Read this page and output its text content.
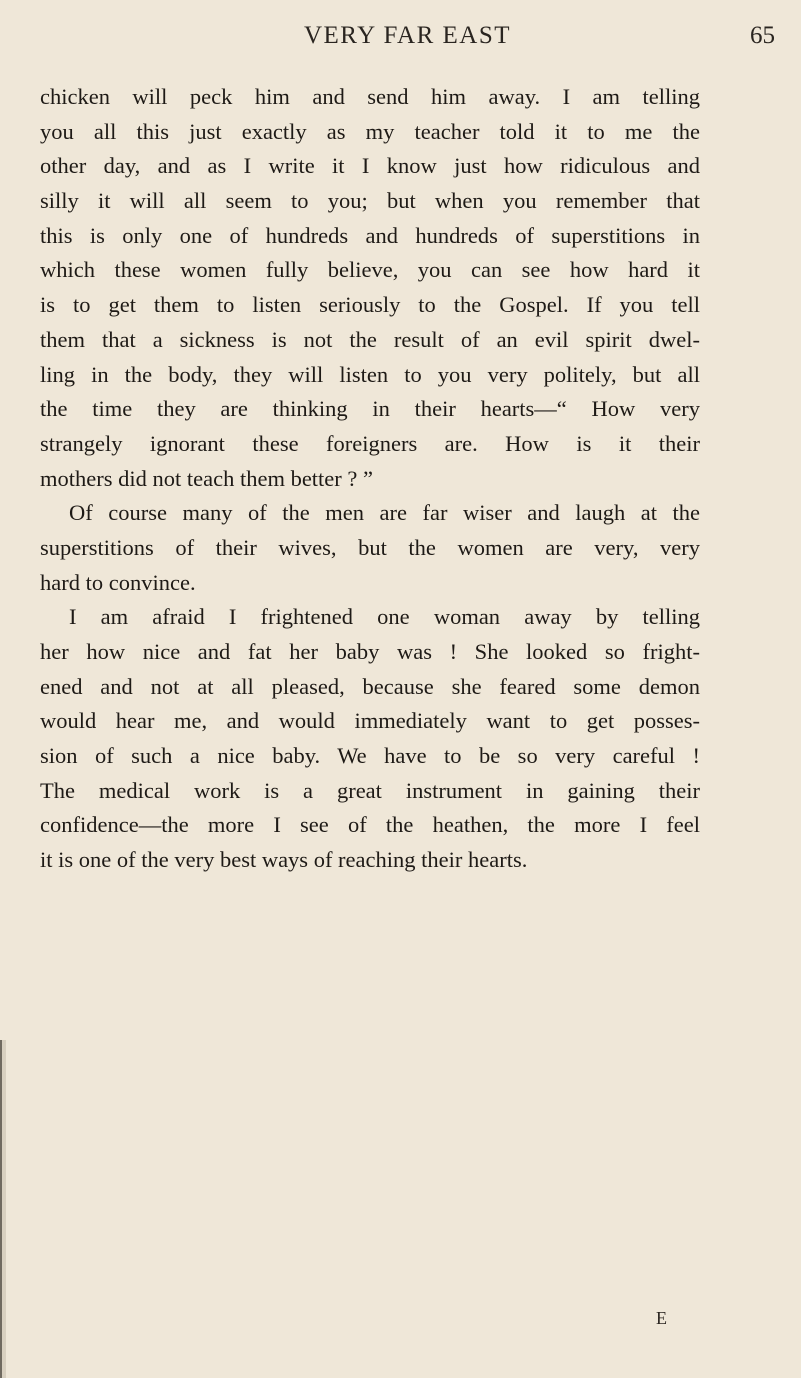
VERY FAR EAST	65
chicken will peck him and send him away. I am telling
you all this just exactly as my teacher told it to me the
other day, and as I write it I know just how ridiculous and
silly it will all seem to you; but when you remember that
this is only one of hundreds and hundreds of superstitions in
which these women fully believe, you can see how hard it
is to get them to listen seriously to the Gospel. If you tell
them that a sickness is not the result of an evil spirit dwel-
ling in the body, they will listen to you very politely, but all
the time they are thinking in their hearts—“ How very
strangely ignorant these foreigners are. How is it their
mothers did not teach them better ? ”
Of course many of the men are far wiser and laugh at the
superstitions of their wives, but the women are very, very
hard to convince.
I am afraid I frightened one woman away by telling
her how nice and fat her baby was ! She looked so fright-
ened and not at all pleased, because she feared some demon
would hear me, and would immediately want to get posses-
sion of such a nice baby. We have to be so very careful !
The medical work is a great instrument in gaining their
confidence—the more I see of the heathen, the more I feel
it is one of the very best ways of reaching their hearts.
E
